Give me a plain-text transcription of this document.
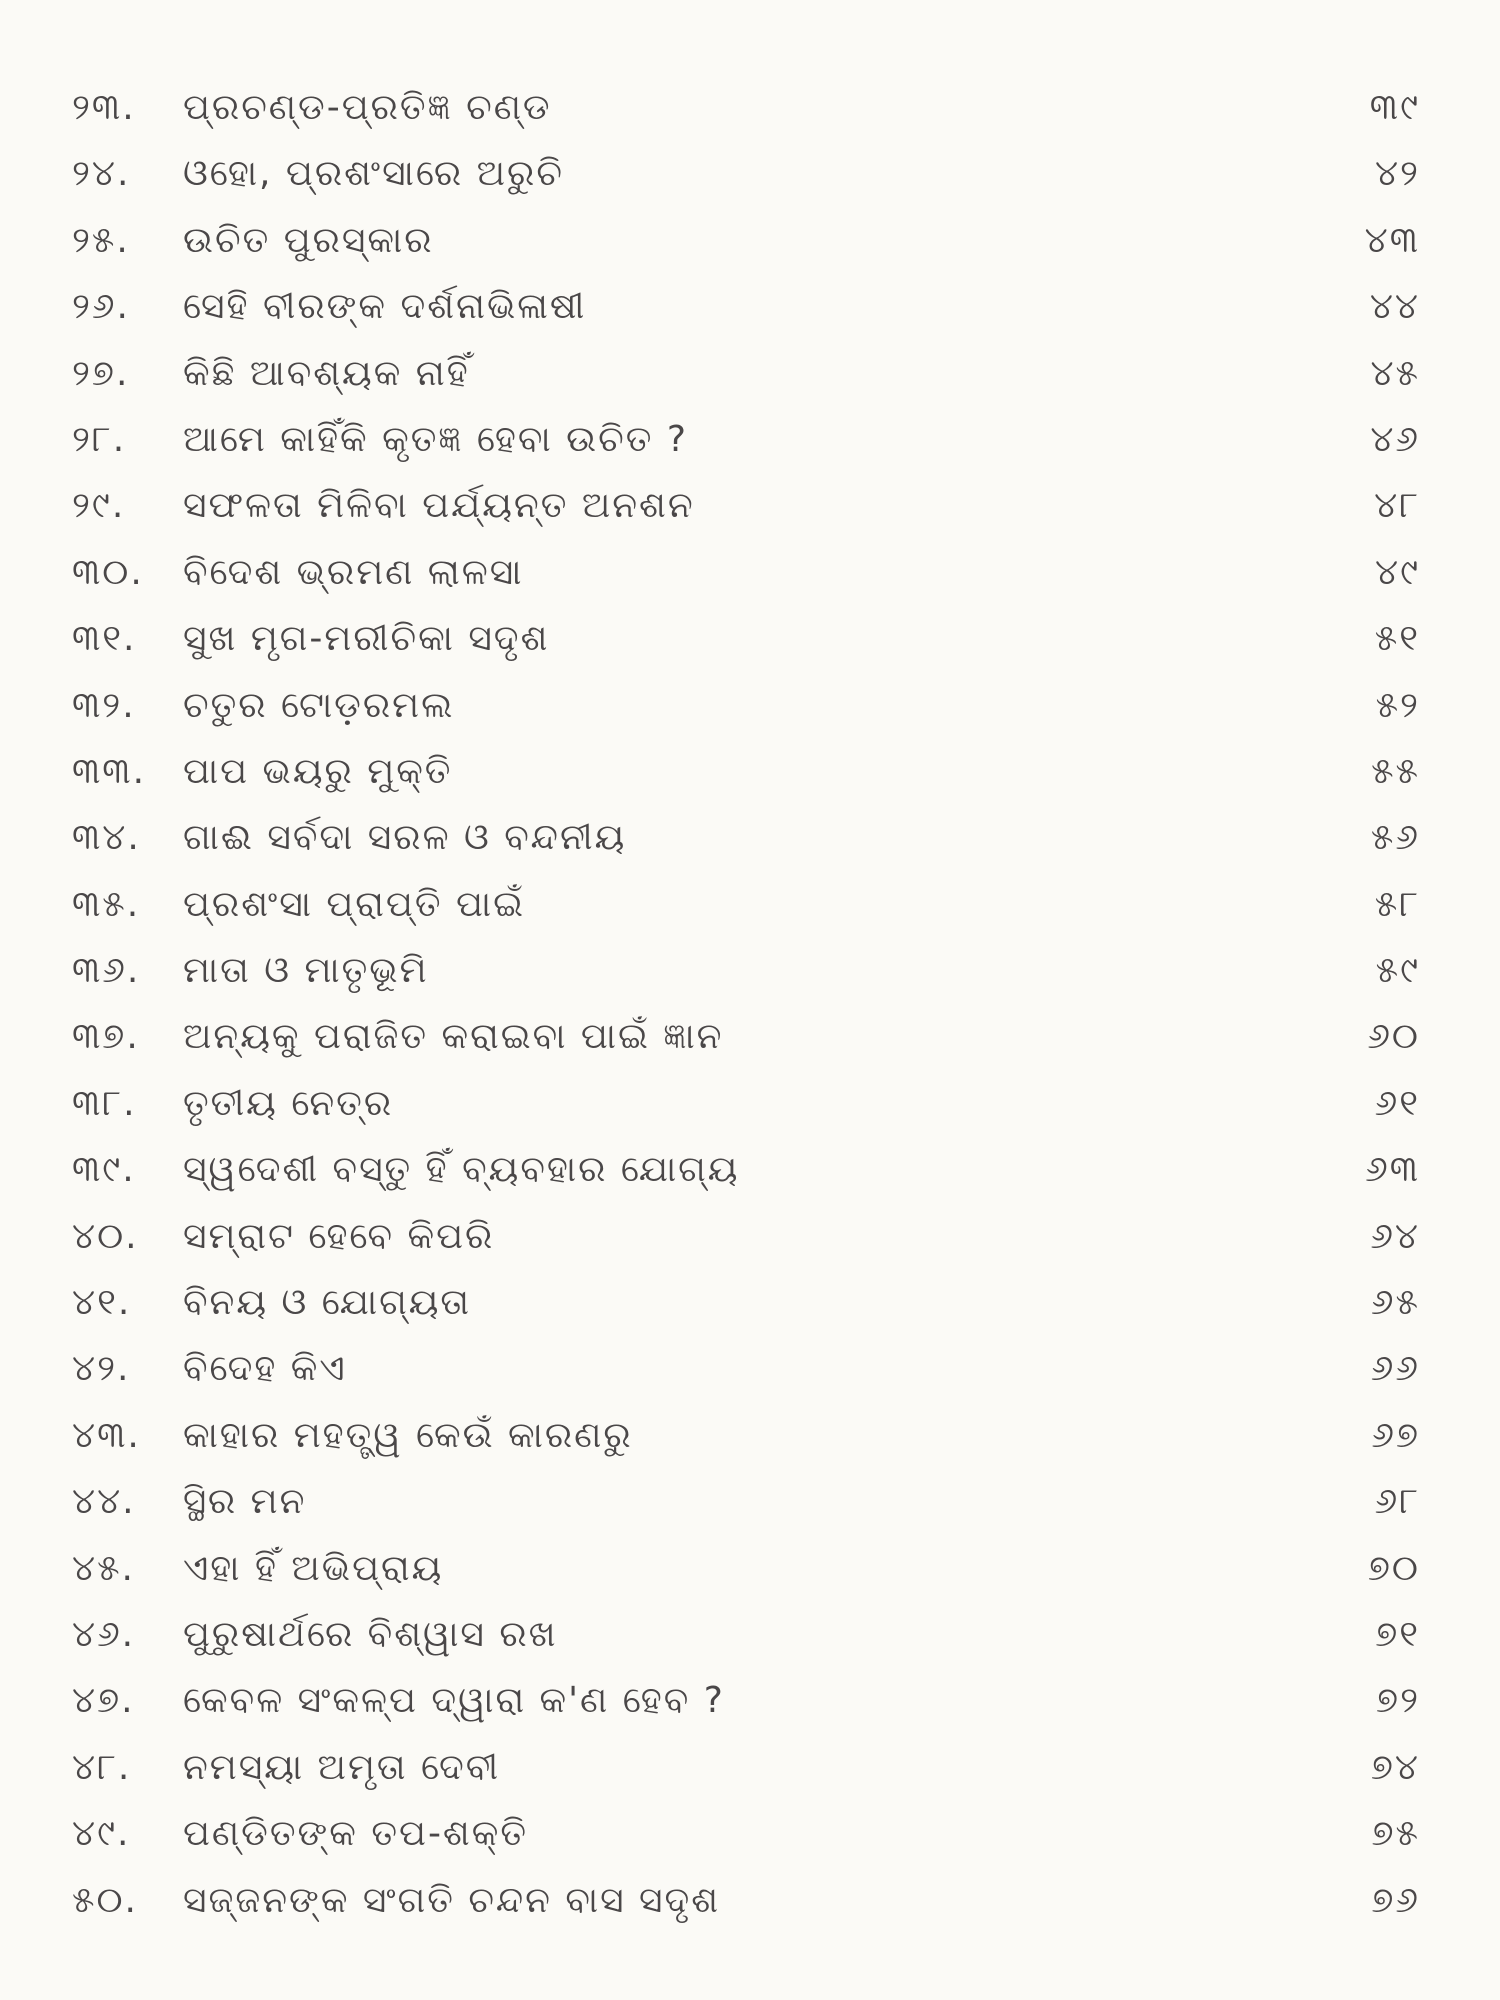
୨୩. ପ୍ରଚଣ୍ଡ-ପ୍ରତିଜ୍ଞ ଚଣ୍ଡ	୩୯
୨୪. ଓହୋ, ପ୍ରଶଂସାରେ ଅରୁଚି	୪୨
୨୫. ଉଚିତ ପୁରସ୍କାର	୪୩
୨୬. ସେହି ବୀରଙ୍କ ଦର୍ଶନାଭିଳାଷୀ	୪୪
୨୭. କିଛି ଆବଶ୍ୟକ ନାହିଁ	୪୫
୨୮. ଆମେ କାହିଁକି କୃତଜ୍ଞ ହେବା ଉଚିତ ?	୪୬
୨୯. ସଫଳତା ମିଳିବା ପର୍ଯ୍ୟନ୍ତ ଅନଶନ	୪୮
୩୦. ବିଦେଶ ଭ୍ରମଣ ଲାଳସା	୪୯
୩୧. ସୁଖ ମୃଗ-ମରୀଚିକା ସଦୃଶ	୫୧
୩୨. ଚତୁର ଟୋଡ଼ରମଲ	୫୨
୩୩. ପାପ ଭୟରୁ ମୁକ୍ତି	୫୫
୩୪. ଗାଈ ସର୍ବଦା ସରଳ ଓ ବନ୍ଦନୀୟ	୫୬
୩୫. ପ୍ରଶଂସା ପ୍ରାପ୍ତି ପାଇଁ	୫୮
୩୬. ମାତା ଓ ମାତୃଭୂମି	୫୯
୩୭. ଅନ୍ୟକୁ ପରାଜିତ କରାଇବା ପାଇଁ ଜ୍ଞାନ	୬୦
୩୮. ତୃତୀୟ ନେତ୍ର	୬୧
୩୯. ସ୍ୱଦେଶୀ ବସ୍ତୁ ହିଁ ବ୍ୟବହାର ଯୋଗ୍ୟ	୬୩
୪୦. ସମ୍ରାଟ ହେବେ କିପରି	୬୪
୪୧. ବିନୟ ଓ ଯୋଗ୍ୟତା	୬୫
୪୨. ବିଦେହ କିଏ	୬୬
୪୩. କାହାର ମହତ୍ତ୍ୱ କେଉଁ କାରଣରୁ	୬୭
୪୪. ସ୍ଥିର ମନ	୬୮
୪୫. ଏହା ହିଁ ଅଭିପ୍ରାୟ	୭୦
୪୬. ପୁରୁଷାର୍ଥରେ ବିଶ୍ୱାସ ରଖ	୭୧
୪୭. କେବଳ ସଂକଳ୍ପ ଦ୍ୱାରା କ'ଣ ହେବ ?	୭୨
୪୮. ନମସ୍ୟା ଅମୃତା ଦେବୀ	୭୪
୪୯. ପଣ୍ଡିତଙ୍କ ତପ-ଶକ୍ତି	୭୫
୫୦. ସଜ୍ଜନଙ୍କ ସଂଗତି ଚନ୍ଦନ ବାସ ସଦୃଶ	୭୬
